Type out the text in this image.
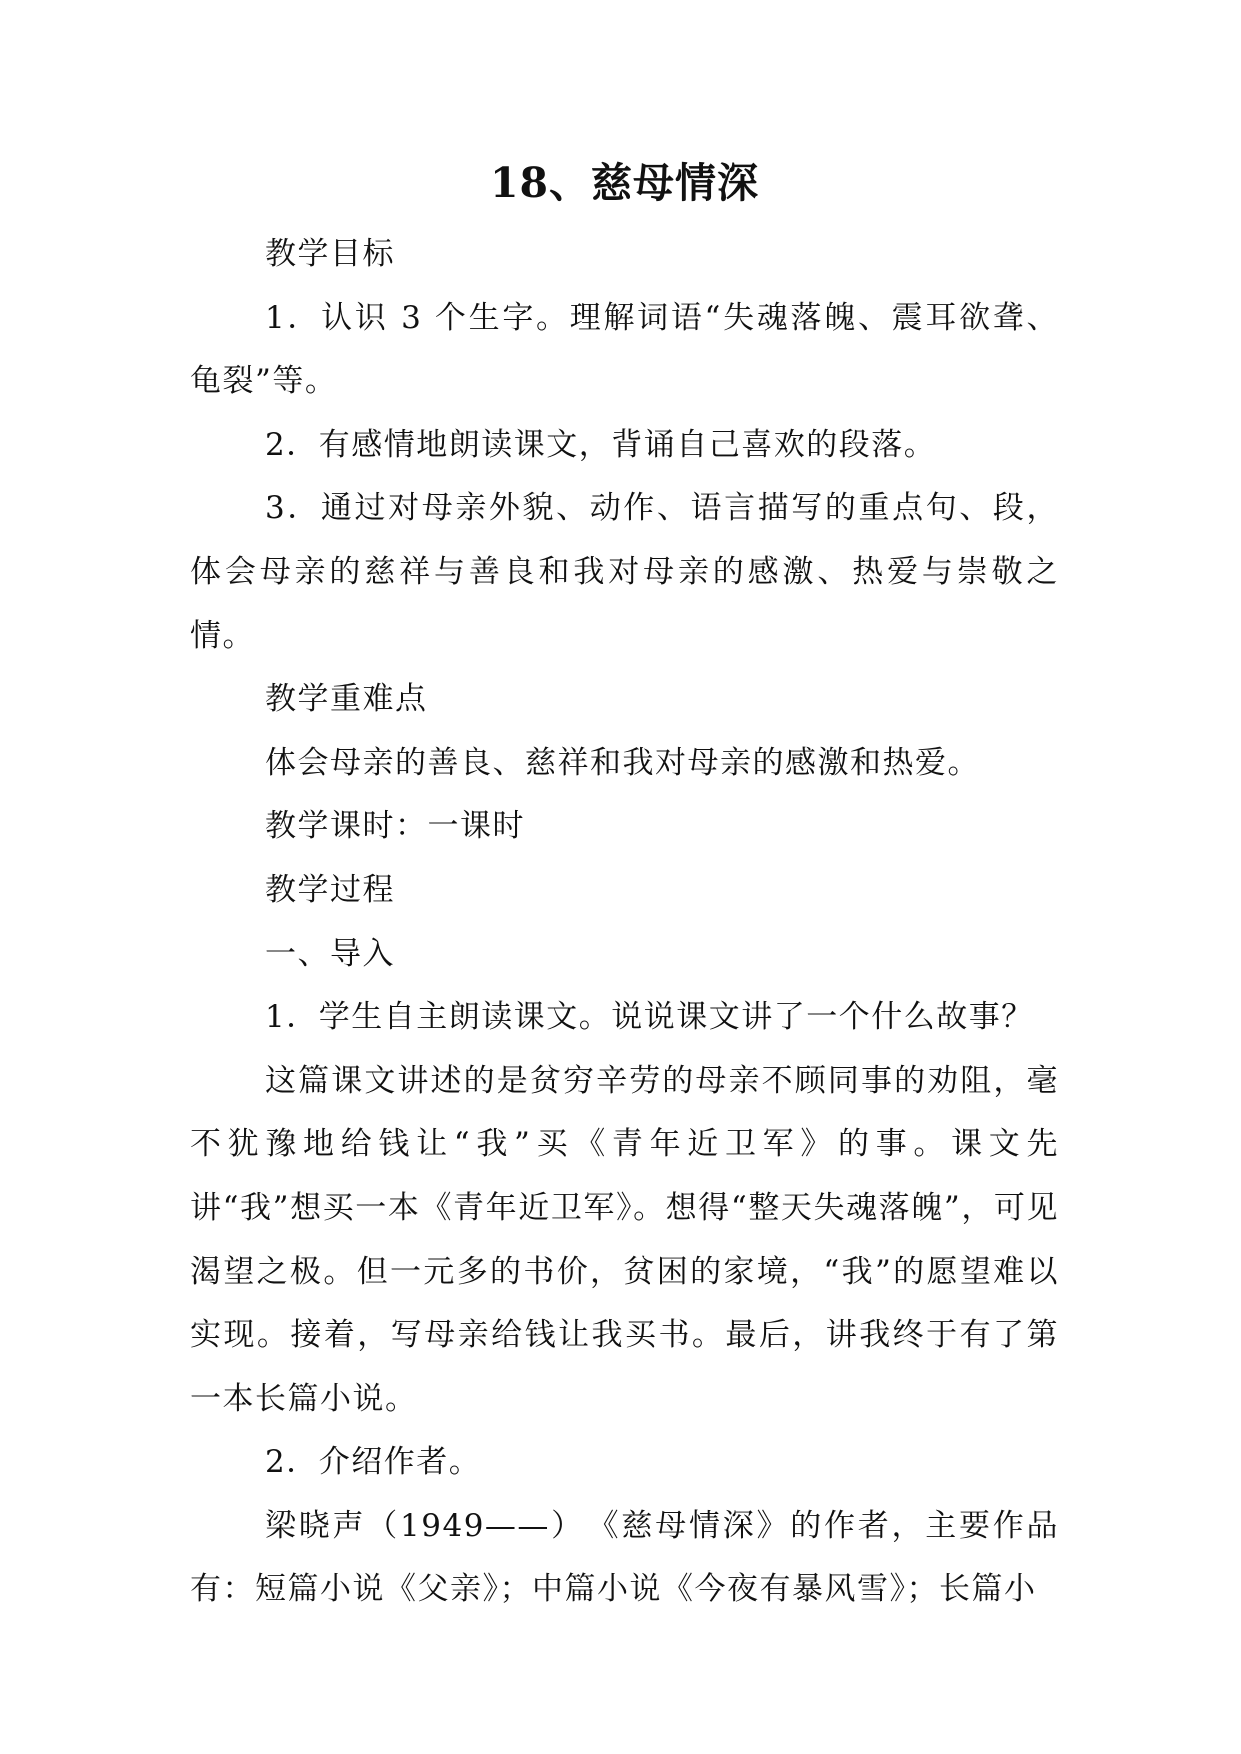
18、慈母情深

教学目标

1．认识 3 个生字。理解词语“失魂落魄、震耳欲聋、龟裂”等。

2．有感情地朗读课文，背诵自己喜欢的段落。

3．通过对母亲外貌、动作、语言描写的重点句、段，体会母亲的慈祥与善良和我对母亲的感激、热爱与崇敬之情。

教学重难点

体会母亲的善良、慈祥和我对母亲的感激和热爱。

教学课时：一课时

教学过程

一、导入

1．学生自主朗读课文。说说课文讲了一个什么故事？

这篇课文讲述的是贫穷辛劳的母亲不顾同事的劝阻，毫不犹豫地给钱让“我”买《青年近卫军》的事。课文先讲“我”想买一本《青年近卫军》。想得“整天失魂落魄”，可见渴望之极。但一元多的书价，贫困的家境，“我”的愿望难以实现。接着，写母亲给钱让我买书。最后，讲我终于有了第一本长篇小说。

2．介绍作者。

梁晓声（1949——）　《慈母情深》的作者，主要作品有：短篇小说《父亲》；中篇小说《今夜有暴风雪》；长篇小
